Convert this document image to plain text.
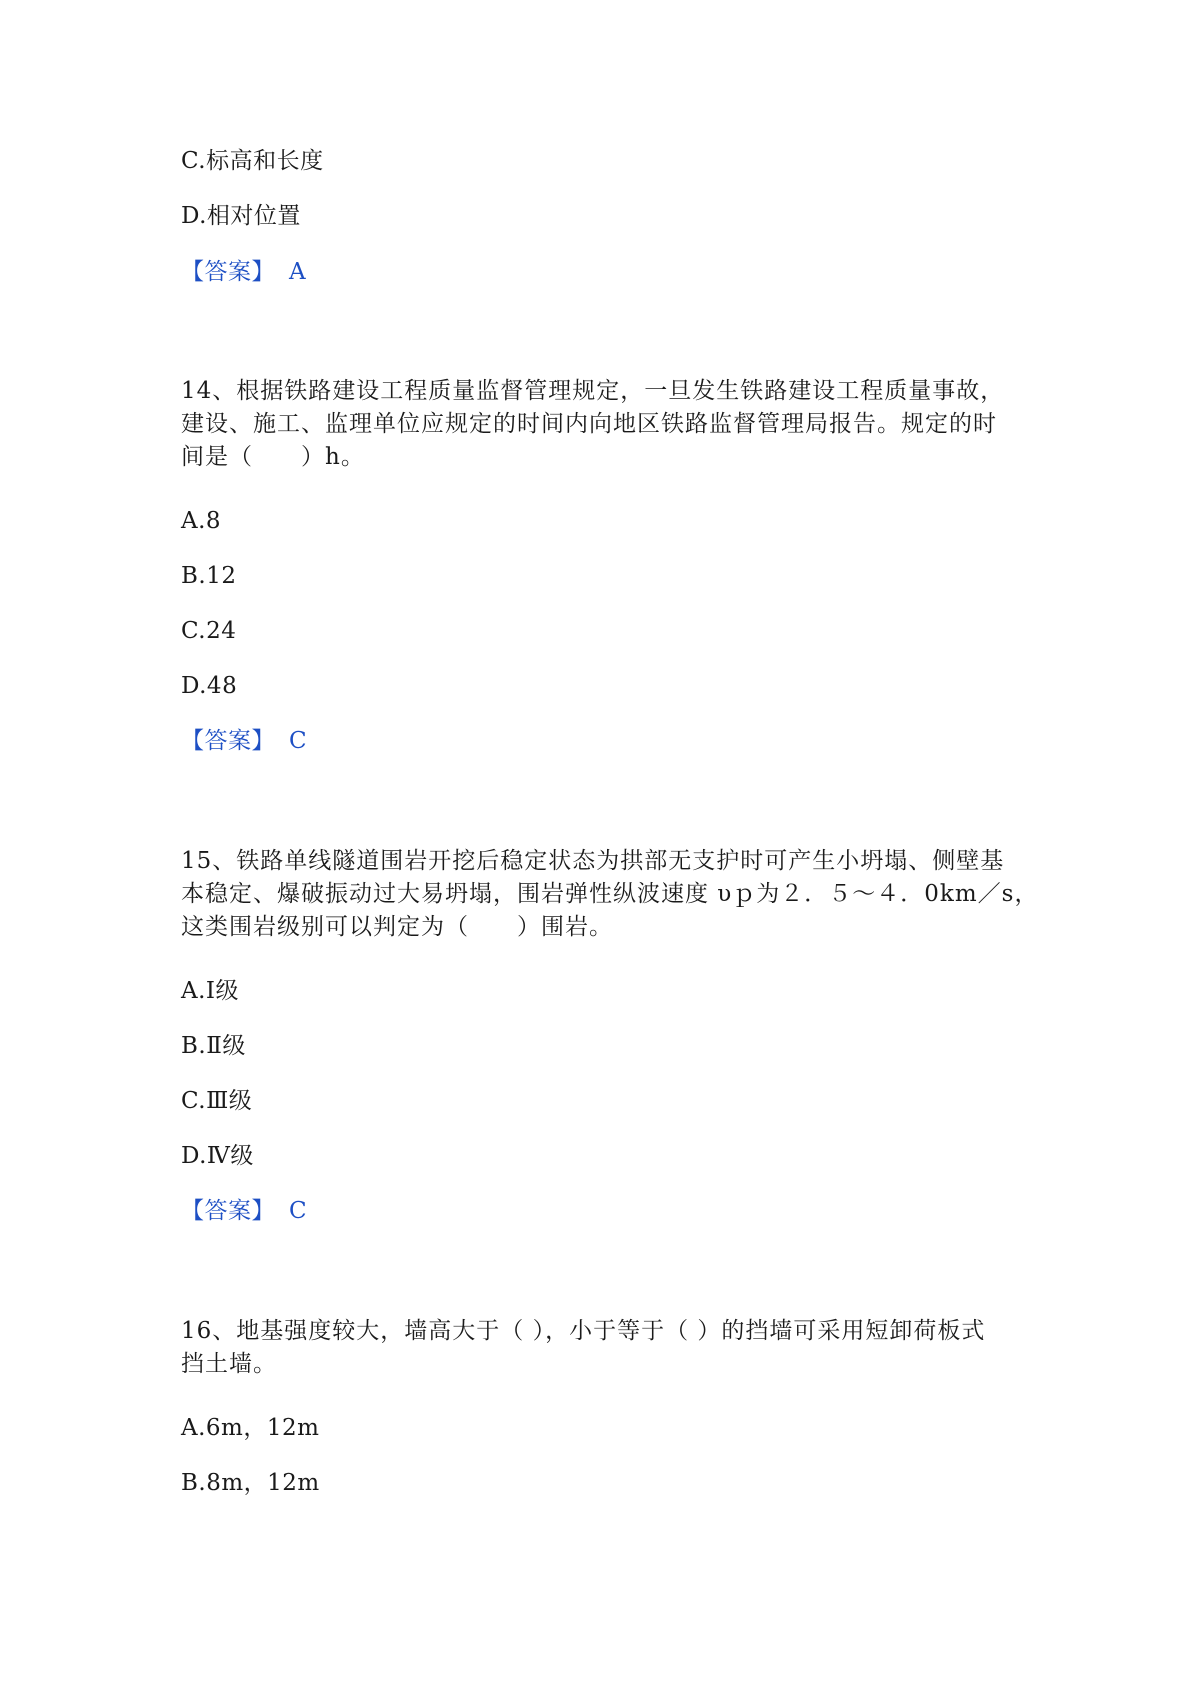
C.标高和长度
D.相对位置
【答案】 A
14、根据铁路建设工程质量监督管理规定，一旦发生铁路建设工程质量事故，
建设、施工、监理单位应规定的时间内向地区铁路监督管理局报告。规定的时
间是（　　）h。
A.8
B.12
C.24
D.48
【答案】 C
15、铁路单线隧道围岩开挖后稳定状态为拱部无支护时可产生小坍塌、侧壁基
本稳定、爆破振动过大易坍塌，围岩弹性纵波速度 υｐ为２．５～４．0km／s，
这类围岩级别可以判定为（　　）围岩。
A.Ⅰ级
B.Ⅱ级
C.Ⅲ级
D.Ⅳ级
【答案】 C
16、地基强度较大，墙高大于（ ），小于等于（ ）的挡墙可采用短卸荷板式
挡土墙。
A.6m，12m
B.8m，12m
